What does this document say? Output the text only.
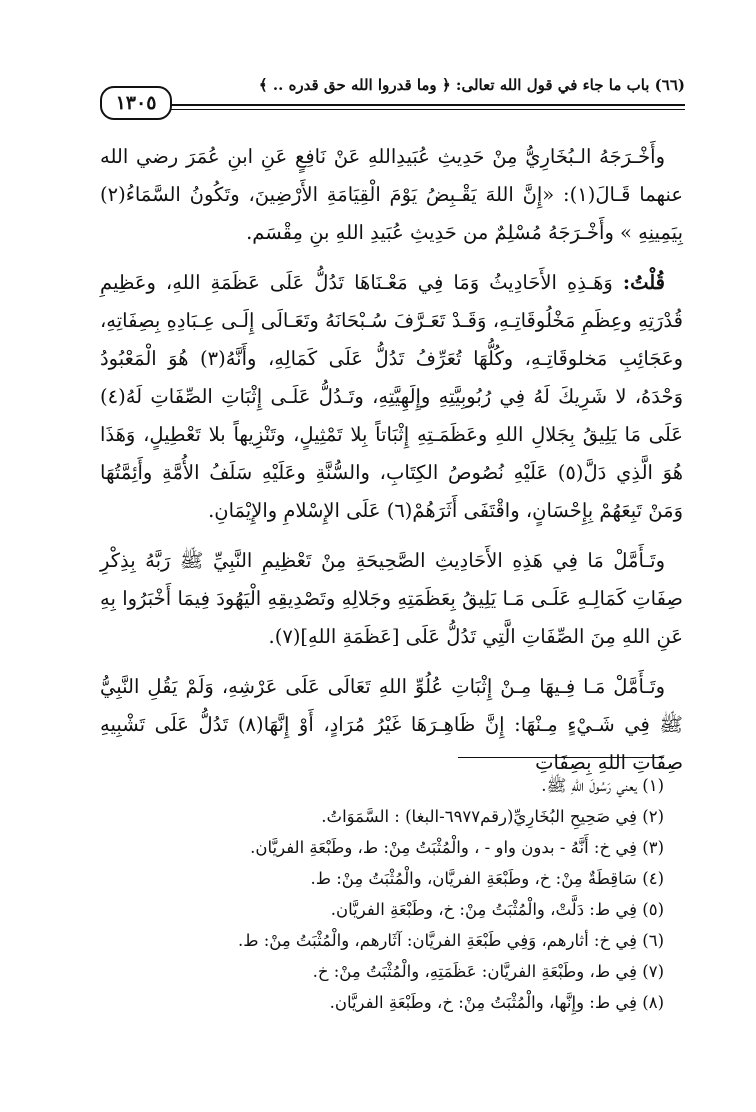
(٦٦) باب ما جاء في قول الله تعالى: ﴿ وما قدروا الله حق قدره .. ﴾
١٣٠٥

وأَخْـرَجَهُ الـبُخَارِيُّ مِنْ حَدِيثِ عُبَيدِاللهِ عَنْ نَافِعٍ عَنِ ابنِ عُمَرَ رضي الله عنهما قَـالَ(١): «إِنَّ اللهَ يَقْـبِضُ يَوْمَ الْقِيَامَةِ الأَرْضِينَ، وتَكُونُ السَّمَاءُ(٢) بِيَمِينِهِ » وأَخْـرَجَهُ مُسْلِمٌ من حَدِيثِ عُبَيدِ اللهِ بنِ مِقْسَم.

قُلْتُ: وَهَـذِهِ الأَحَادِيثُ وَمَا فِي مَعْـنَاهَا تَدُلُّ عَلَى عَظَمَةِ اللهِ، وعَظِيمِ قُدْرَتِهِ وعِظَمِ مَخْلُوقَاتِـهِ، وَقَـدْ تَعَـرَّفَ سُـبْحَانَهُ وتَعَـالَى إِلَـى عِـبَادِهِ بِصِفَاتِهِ، وعَجَائِبِ مَخلوقَاتِـهِ، وكُلُّهَا تُعَرِّفُ تَدُلُّ عَلَى كَمَالِهِ، وأَنَّهُ(٣) هُوَ الْمَعْبُودُ وَحْدَهُ، لا شَرِيكَ لَهُ فِي رُبُوبِيَّتِهِ وإِلَهِيَّتِهِ، وتَـدُلُّ عَلَـى إِثْبَاتِ الصِّفَاتِ لَهُ(٤) عَلَى مَا يَلِيقُ بِجَلالِ اللهِ وعَظَمَـتِهِ إِثْبَاتاً بِلا تَمْثِيلٍ، وتَنْزِيهاً بلا تَعْطِيلٍ، وَهَذَا هُوَ الَّذِي دَلَّ(٥) عَلَيْهِ نُصُوصُ الكِتَابِ، والسُّنَّةِ وعَلَيْهِ سَلَفُ الأُمَّةِ وأَئِمَّتُهَا وَمَنْ تَبِعَهُمْ بِإِحْسَانٍ، واقْتَفَى أَثَرَهُمْ(٦) عَلَى الإِسْلامِ والإِيْمَانِ.

وتَـأَمَّلْ مَا فِي هَذِهِ الأَحَادِيثِ الصَّحِيحَةِ مِنْ تَعْظِيمِ النَّبِيِّ ﷺ رَبَّهُ بِذِكْرِ صِفَاتِ كَمَالِـهِ عَلَـى مَـا يَلِيقُ بِعَظَمَتِهِ وجَلالِهِ وتَصْدِيقِهِ الْيَهُودَ فِيمَا أَخْبَرُوا بِهِ عَنِ اللهِ مِنَ الصِّفَاتِ الَّتِي تَدُلُّ عَلَى [عَظَمَةِ اللهِ](٧).

وتَـأَمَّلْ مَـا فِـيهَا مِـنْ إِثْبَاتِ عُلُوِّ اللهِ تَعَالَى عَلَى عَرْشِهِ، وَلَمْ يَقُلِ النَّبِيُّ ﷺ فِي شَـيْءٍ مِـنْهَا: إِنَّ ظَاهِـرَهَا غَيْرُ مُرَادٍ، أَوْ إِنَّهَا(٨) تَدُلُّ عَلَى تَشْبِيهِ صِفَاتِ اللهِ بِصِفَاتِ

(١) يعني رَسُولَ اللهِ ﷺ.
(٢) فِي صَحِيحِ البُخَارِيِّ(رقم٦٩٧٧-البغا) : السَّمَوَاتُ.
(٣) فِي خ: أَنَّهُ - بدون واو - ، والْمُثْبَتُ مِنْ: ط، وطَبْعَةِ الفريَّان.
(٤) سَاقِطَةٌ مِنْ: خ، وطَبْعَةِ الفريَّان، والْمُثْبَتُ مِنْ: ط.
(٥) فِي ط: دَلَّتْ، والْمُثْبَتُ مِنْ: خ، وطَبْعَةِ الفريَّان.
(٦) فِي خ: أثارهم، وَفِي طَبْعَةِ الفريَّان: آثَارهم، والْمُثْبَتُ مِنْ: ط.
(٧) فِي ط، وطَبْعَةِ الفريَّان: عَظَمَتِهِ، والْمُثْبَتُ مِنْ: خ.
(٨) فِي ط: وإِنَّها، والْمُثْبَتُ مِنْ: خ، وطَبْعَةِ الفريَّان.
